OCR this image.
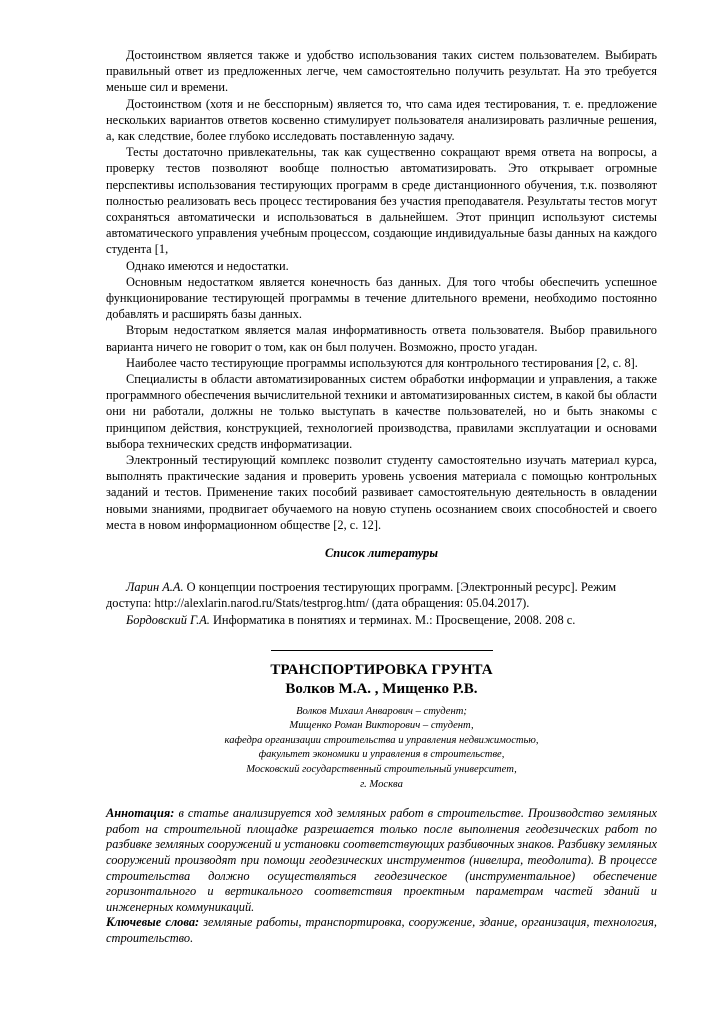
Достоинством является также и удобство использования таких систем пользователем. Выбирать правильный ответ из предложенных легче, чем самостоятельно получить результат. На это требуется меньше сил и времени.

Достоинством (хотя и не бесспорным) является то, что сама идея тестирования, т. е. предложение нескольких вариантов ответов косвенно стимулирует пользователя анализировать различные решения, а, как следствие, более глубоко исследовать поставленную задачу.

Тесты достаточно привлекательны, так как существенно сокращают время ответа на вопросы, а проверку тестов позволяют вообще полностью автоматизировать. Это открывает огромные перспективы использования тестирующих программ в среде дистанционного обучения, т.к. позволяют полностью реализовать весь процесс тестирования без участия преподавателя. Результаты тестов могут сохраняться автоматически и использоваться в дальнейшем. Этот принцип используют системы автоматического управления учебным процессом, создающие индивидуальные базы данных на каждого студента [1,

Однако имеются и недостатки.

Основным недостатком является конечность баз данных. Для того чтобы обеспечить успешное функционирование тестирующей программы в течение длительного времени, необходимо постоянно добавлять и расширять базы данных.

Вторым недостатком является малая информативность ответа пользователя. Выбор правильного варианта ничего не говорит о том, как он был получен. Возможно, просто угадан.

Наиболее часто тестирующие программы используются для контрольного тестирования [2, с. 8].

Специалисты в области автоматизированных систем обработки информации и управления, а также программного обеспечения вычислительной техники и автоматизированных систем, в какой бы области они ни работали, должны не только выступать в качестве пользователей, но и быть знакомы с принципом действия, конструкцией, технологией производства, правилами эксплуатации и основами выбора технических средств информатизации.

Электронный тестирующий комплекс позволит студенту самостоятельно изучать материал курса, выполнять практические задания и проверить уровень усвоения материала с помощью контрольных заданий и тестов. Применение таких пособий развивает самостоятельную деятельность в овладении новыми знаниями, продвигает обучаемого на новую ступень осознанием своих способностей и своего места в новом информационном обществе [2, с. 12].

Список литературы

Ларин А.А. О концепции построения тестирующих программ. [Электронный ресурс]. Режим доступа: http://alexlarin.narod.ru/Stats/testprog.htm/ (дата обращения: 05.04.2017).

Бордовский Г.А. Информатика в понятиях и терминах. М.: Просвещение, 2008. 208 с.

ТРАНСПОРТИРОВКА ГРУНТА
Волков М.А. , Мищенко Р.В.

Волков Михаил Анварович – студент;

Мищенко Роман Викторович – студент,

кафедра организации строительства и управления недвижимостью,

факультет экономики и управления в строительстве,

Московский государственный строительный университет,

г. Москва

Аннотация: в статье анализируется ход земляных работ в строительстве. Производство земляных работ на строительной площадке разрешается только после выполнения геодезических работ по разбивке земляных сооружений и установки соответствующих разбивочных знаков. Разбивку земляных сооружений производят при помощи геодезических инструментов (нивелира, теодолита). В процессе строительства должно осуществляться геодезическое (инструментальное) обеспечение горизонтального и вертикального соответствия проектным параметрам частей зданий и инженерных коммуникаций.
Ключевые слова: земляные работы, транспортировка, сооружение, здание, организация, технология, строительство.
